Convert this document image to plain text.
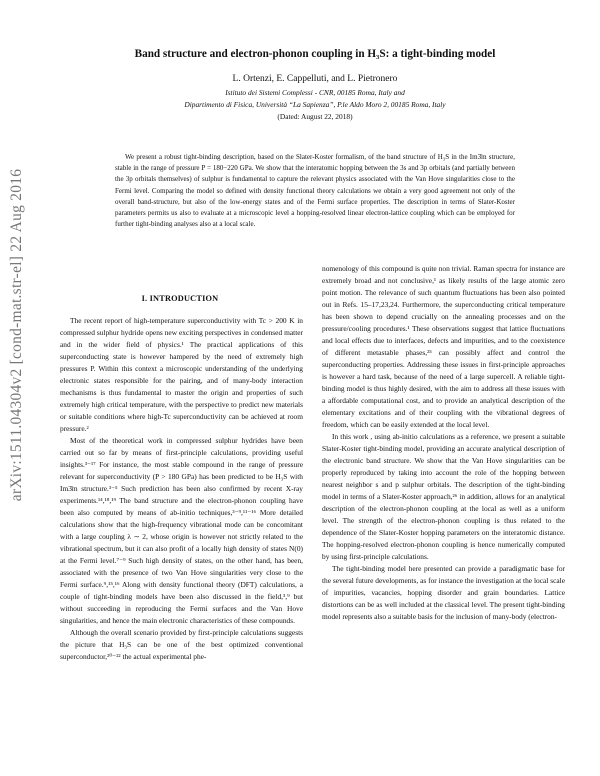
arXiv:1511.04304v2 [cond-mat.str-el] 22 Aug 2016
Band structure and electron-phonon coupling in H₃S: a tight-binding model
L. Ortenzi, E. Cappelluti, and L. Pietronero
Istituto dei Sistemi Complessi - CNR, 00185 Roma, Italy and
Dipartimento di Fisica, Università “La Sapienza”, P.le Aldo Moro 2, 00185 Roma, Italy
(Dated: August 22, 2018)
We present a robust tight-binding description, based on the Slater-Koster formalism, of the band structure of H₃S in the Im3̄m structure, stable in the range of pressure P = 180−220 GPa. We show that the interatomic hopping between the 3s and 3p orbitals (and partially between the 3p orbitals themselves) of sulphur is fundamental to capture the relevant physics associated with the Van Hove singularities close to the Fermi level. Comparing the model so defined with density functional theory calculations we obtain a very good agreement not only of the overall band-structure, but also of the low-energy states and of the Fermi surface properties. The description in terms of Slater-Koster parameters permits us also to evaluate at a microscopic level a hopping-resolved linear electron-lattice coupling which can be employed for further tight-binding analyses also at a local scale.
I. INTRODUCTION

The recent report of high-temperature superconductivity with Tc > 200 K in compressed sulphur hydride opens new exciting perspectives in condensed matter and in the wider field of physics.¹ The practical applications of this superconducting state is however hampered by the need of extremely high pressures P. Within this context a microscopic understanding of the underlying electronic states responsible for the pairing, and of many-body interaction mechanisms is thus fundamental to master the origin and properties of such extremely high critical temperature, with the perspective to predict new materials or suitable conditions where high-Tc superconductivity can be achieved at room pressure.²

Most of the theoretical work in compressed sulphur hydrides have been carried out so far by means of first-principle calculations, providing useful insights.³⁻¹⁷ For instance, the most stable compound in the range of pressure relevant for superconductivity (P > 180 GPa) has been predicted to be H₃S with Im3̄m structure.³⁻⁵ Such prediction has been also confirmed by recent X-ray experiments.¹⁴,¹⁸,¹⁹ The band structure and the electron-phonon coupling have been also computed by means of ab-initio techniques,³⁻⁹,¹¹⁻¹⁶ More detailed calculations show that the high-frequency vibrational mode can be concomitant with a large coupling λ ∼ 2, whose origin is however not strictly related to the vibrational spectrum, but it can also profit of a locally high density of states N(0) at the Fermi level.⁷⁻⁹ Such high density of states, on the other hand, has been, associated with the presence of two Van Hove singularities very close to the Fermi surface.⁹,¹⁵,¹⁶ Along with density functional theory (DFT) calculations, a couple of tight-binding models have been also discussed in the field,³,⁹ but without succeeding in reproducing the Fermi surfaces and the Van Hove singularities, and hence the main electronic characteristics of these compounds.

Although the overall scenario provided by first-principle calculations suggests the picture that H₃S can be one of the best optimized conventional superconductor,²⁰⁻²² the actual experimental phe-

nomenology of this compound is quite non trivial. Raman spectra for instance are extremely broad and not conclusive,¹ as likely results of the large atomic zero point motion. The relevance of such quantum fluctuations has been also pointed out in Refs. 15–17,23,24. Furthermore, the superconducting critical temperature has been shown to depend crucially on the annealing processes and on the pressure/cooling procedures.¹ These observations suggest that lattice fluctuations and local effects due to interfaces, defects and impurities, and to the coexistence of different metastable phases,²⁵ can possibly affect and control the superconducting properties. Addressing these issues in first-principle approaches is however a hard task, because of the need of a large supercell. A reliable tight-binding model is thus highly desired, with the aim to address all these issues with a affordable computational cost, and to provide an analytical description of the elementary excitations and of their coupling with the vibrational degrees of freedom, which can be easily extended at the local level.

In this work , using ab-initio calculations as a reference, we present a suitable Slater-Koster tight-binding model, providing an accurate analytical description of the electronic band structure. We show that the Van Hove singularities can be properly reproduced by taking into account the role of the hopping between nearest neighbor s and p sulphur orbitals. The description of the tight-binding model in terms of a Slater-Koster approach,²⁶ in addition, allows for an analytical description of the electron-phonon coupling at the local as well as a uniform level. The strength of the electron-phonon coupling is thus related to the dependence of the Slater-Koster hopping parameters on the interatomic distance. The hopping-resolved electron-phonon coupling is hence numerically computed by using first-principle calculations.

The tight-binding model here presented can provide a paradigmatic base for the several future developments, as for instance the investigation at the local scale of impurities, vacancies, hopping disorder and grain boundaries. Lattice distortions can be as well included at the classical level. The present tight-binding model represents also a suitable basis for the inclusion of many-body (electron-
